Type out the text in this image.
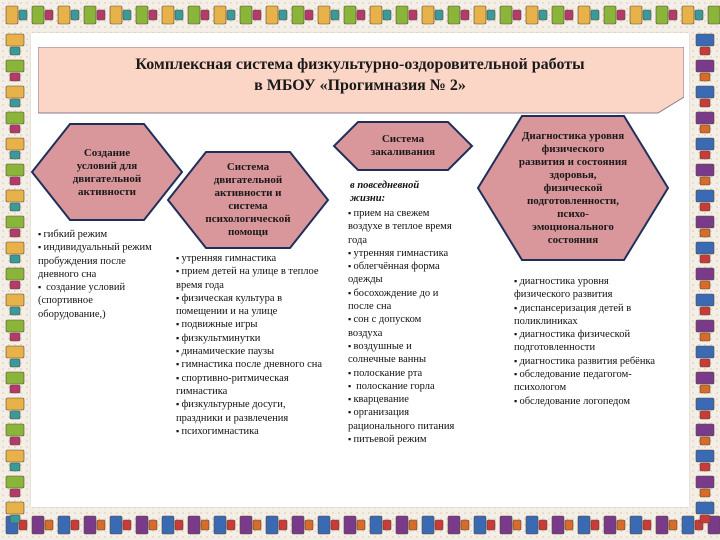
Комплексная система физкультурно-оздоровительной работы
в МБОУ «Прогимназия № 2»
Создание
условий для
двигательной
активности
Система
двигательной
активности и
система
психологической
помощи
Система
закаливания
Диагностика уровня
физического
развития и состояния
здоровья,
физической
подготовленности,
психо-
эмоционального
состояния
▪ гибкий режим
▪ индивидуальный режим пробуждения после дневного сна
▪  создание условий (спортивное оборудование,)
▪ утренняя гимнастика
▪ прием детей на улице в теплое время года
▪ физическая культура в помещении и на улице
▪ подвижные игры
▪ физкультминутки
▪ динамические паузы
▪ гимнастика после дневного сна
▪ спортивно-ритмическая гимнастика
▪ физкультурные досуги, праздники и развлечения
▪ психогимнастика
в повседневной жизни:
▪ прием на свежем воздухе в теплое время года
▪ утренняя гимнастика
▪ облегчённая форма одежды
▪ босохождение до и после сна
▪ сон с допуском воздуха
▪ воздушные и солнечные ванны
▪ полоскание рта
▪  полоскание горла
▪ кварцевание
▪ организация рационального питания
▪ питьевой режим
▪ диагностика уровня физического развития
▪ диспансеризация детей в поликлиниках
▪ диагностика физической подготовленности
▪ диагностика развития ребёнка
▪ обследование педагогом-психологом
▪ обследование логопедом
